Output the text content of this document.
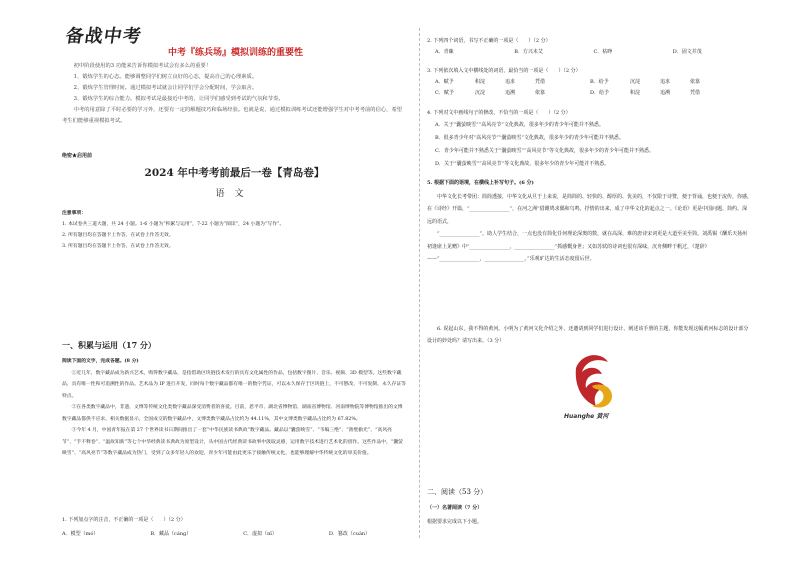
备战中考
中考『练兵场』模拟训练的重要性

初中阶段使用的3 功能来告诉你模拟考试会有多么的重要！

1、锻炼学生的心态。能够调整同学们树立良好的心态，提高自己的心理素质。

2、锻炼学生管理时间。通过模拟考试就会让同学们学会分配时间，学会取舍。

3、锻炼学生的综合能力。模拟考试是最接近中考的，让同学们感受到考试的气氛和节奏。

中考的用意除了平时必要的学习外，还要有一定的解题技巧和临场经验。也就是说，通过模拟训练考试还能增强学生对中考考前的信心，希望考生们能够重视模拟考试。

绝密★启用前
2024 年中考考前最后一卷【青岛卷】
语文

注意事项：

1. 本试卷共三道大题，共 24 小题。1-6 小题为“积累与运用”，7-22 小题为“阅读”，24 小题为“写作”。

2. 所有题目均在答题卡上作答，在试卷上作答无效。

3. 所有题目均在答题卡上作答，在试卷上作答无效。

一、积累与运用（17 分）

阅读下面的文字，完成各题。(8 分)

①近几年，数字藏品成为新兴艺术。购得数字藏品，是指借助区块链技术发行的具有文化属性的作品，包括数字图片、音乐、视频、3D 模型等。这些数字藏品，具有唯一性和可追溯性的作品。艺术品为 IP 进行开发，同时每个数字藏品都有唯一的数字凭证，可以永久保存于区块链上，不可篡改、不可复制、永久存证等特点。

②在各类数字藏品中，非遗、文博等传统文化类数字藏品深受消费者的喜爱。目前，恩平市、湖北省博物馆、湖南省博物馆、河南博物院等博物馆推出的文博数字藏品都供不应求。相关数据显示，全国成交的数字藏品中，文博类数字藏品占比约为 44.11%，其中文博类数字藏品占比约为 67.82%。

③今年 4 月，中国青年报在第 27 个世界读书日期间推出了一套“中华民族读书典故”数字藏品。藏品以“囊萤映雪”、“韦编三绝”、“凿壁偷光”、“高风亮节”、“手不释卷”、“温故知新”等七个中华经典读书典故为原型设计，从中国古代经典读书故事中汲取灵感，运用数字技术进行艺术化的创作。这些作品中，“囊萤映雪”、“高风亮节”等数字藏品成为热门，受到了众多年轻人的欢迎，青少年可能由此更乐于接触传统文化，也能够理解中华传统文化的审美价值。

1. 下列加点字的注音，不正确的一项是（　　）（2 分）
A．模型（mó）	B．藏品（cáng）	C．虚拟（nǐ）	D．篡改（cuàn）

2. 下列四个词语，书写不正确的一项是（　　）（2 分）

A．青睐	B．方兴未艾	C．枯睁	D．固文并茂

3. 下列依次填入文中横线处的词语，最恰当的一项是（　　）（2 分）

A．赋予	积淀	追求	凭借	B．给予	沉淀	追求	依靠
C．赋予	沉淀	追溯	依靠	D．给予	积淀	追溯	凭借

4. 下列对文中画线句子的修改，不恰当的一项是（　　）（2 分）

A．关于“囊萤映雪”“高风亮节”文化典故，很多年少的青少年可能并不熟悉。

B．很多青少年对“高风亮节”“囊萤映雪”文化典故，很多年少的青少年可能并不熟悉。

C．青少年可能并不熟悉关于“囊萤映雪”“高风亮节”等文化典故，很多年少的青少年可能并不熟悉。

D．关于“囊萤映雪”“高风亮节”等文化典故，很多年少的青少年可能并不熟悉。

5. 根据下面的语境，在横线上补写句子。(6 分)

中华文化长考带团：简简透接，中华文化从旦于上来说，是简简的、轻快的、醇厚的、优美的，不仅限于诗赞，便于背诵，也便于流传，你感，在《诗经》开篇，“________________”，在河之洲”借雎鸠求偶和鸟鸣，抒情的出来，成了中华文化的起点之一。《论语》更是中国问题、简约、深远的语式，

“________________”。助人学生结合，一点也没有简化任何理论深奥的数，就在高深，难的唐诗宋词更是大道至美至简。刘禹锡《酬乐天扬州初逢席上见赠》中“________________，________________”抓感慨身世；又如苏轼的诗词也很有深味，沉舟侧畔千帆过，《楚辞》——“________________，________________。”乐观旷达的生活态度留后世。

6. 说起山东，我不得的黄河。小明为了黄河文化介绍之外，还邀请到同学们进行设计、阐述该手册的主题，你能发现这幅黄河标志的设计部分设计的妙处吗？请写出来。（3 分）

Huanghe 黄河
二、阅读（53 分）
（一）名著阅读（7 分）
根据要求完成以下小题。
